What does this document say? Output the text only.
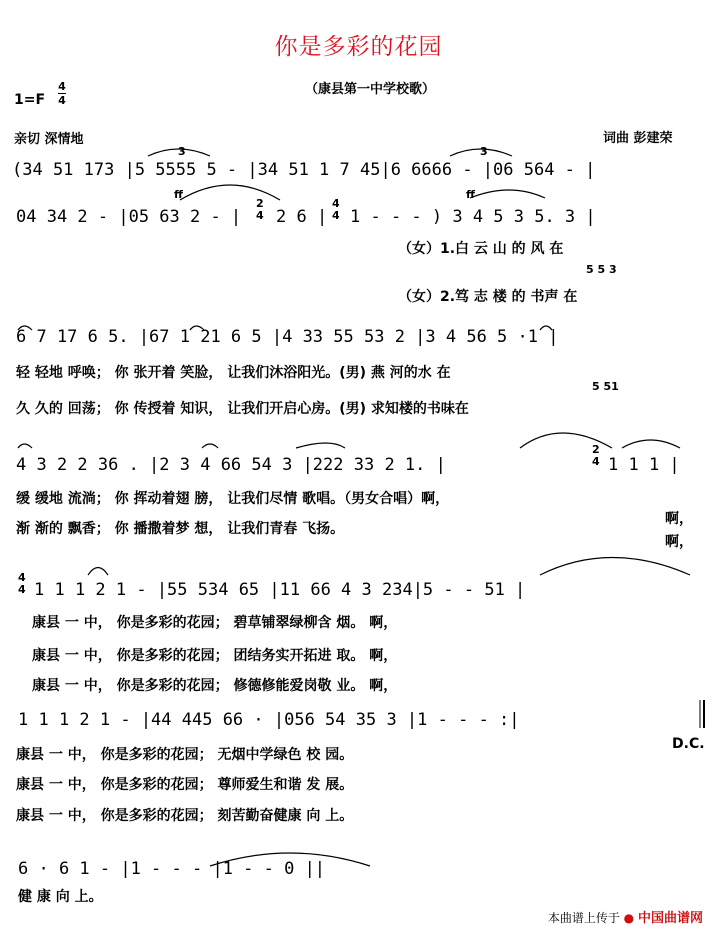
你是多彩的花园
（康县第一中学校歌）
1=F
4
4
亲切 深情地	词曲 彭建荣
3	3
(34 51 173 |5 5555 5 - |34 51 1 7 45|6 6666 - |06 564 - |
ff	ff
04 34 2 - |05 63 2 - |
2
4 2 6 |
4
4 1 - - - ) 3 4 5 3 5. 3 |
（女）1.白 云 山 的 风 在
5 5 3
（女）2.笃 志 楼 的 书声 在
6 7 17 6 5. |67 1 21 6 5 |4 33 55 53 2 |3 4 56 5 ·1 |
轻 轻地 呼唤； 你 张开着 笑脸， 让我们沐浴阳光。(男) 燕 河的水 在
5 51
久 久的 回荡； 你 传授着 知识， 让我们开启心房。(男) 求知楼的书味在
4 3 2 2 36 . |2 3 4 66 54 3 |222 33 2 1. |
2
4 1 1 1 |
缓 缓地 流淌； 你 挥动着翅 膀， 让我们尽情 歌唱。（男女合唱）啊，
渐 渐的 飘香； 你 播撒着梦 想， 让我们青春 飞扬。
啊，
啊，
4
4 1 1 1 2 1 - |55 534 65 |11 66 4 3 234|5 - - 51 |
康县 一 中， 你是多彩的花园； 碧草铺翠绿柳含 烟。 啊，
康县 一 中， 你是多彩的花园； 团结务实开拓进 取。 啊，
康县 一 中， 你是多彩的花园； 修德修能爱岗敬 业。 啊，
1 1 1 2 1 - |44 445 66 · |056 54 35 3 |1 - - - :|
D.C.
康县 一 中， 你是多彩的花园； 无烟中学绿色 校 园。
康县 一 中， 你是多彩的花园； 尊师爱生和谐 发 展。
康县 一 中， 你是多彩的花园； 刻苦勤奋健康 向 上。
6 · 6 1 - |1 - - - |1 - - 0 ||
健 康 向 上。
本曲谱上传于 ● 中国曲谱网
